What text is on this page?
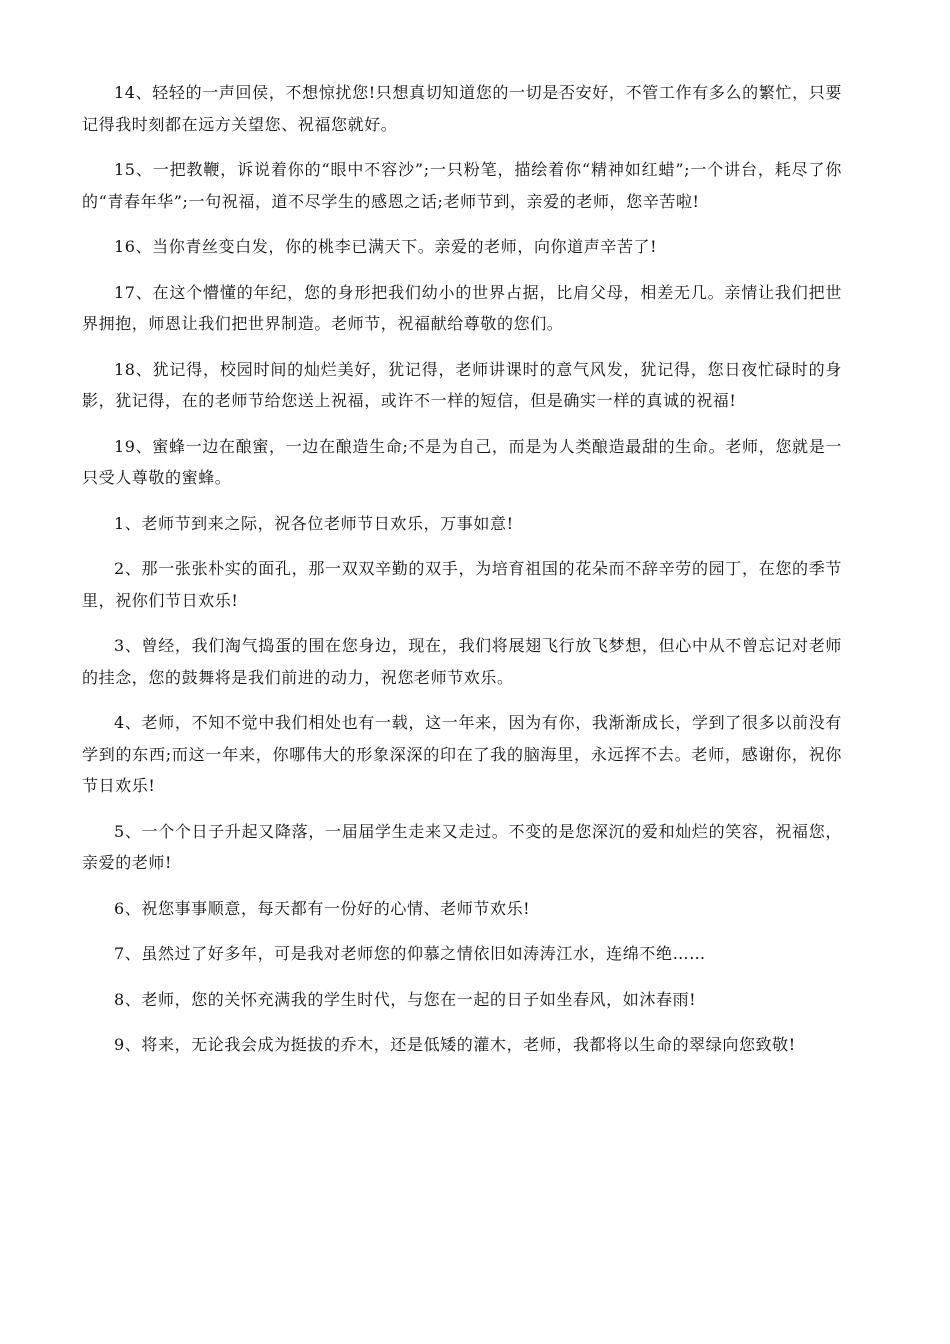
14、轻轻的一声回侯，不想惊扰您!只想真切知道您的一切是否安好，不管工作有多么的繁忙，只要记得我时刻都在远方关望您、祝福您就好。

15、一把教鞭，诉说着你的“眼中不容沙”;一只粉笔，描绘着你“精神如红蜡”;一个讲台，耗尽了你的“青春年华”;一句祝福，道不尽学生的感恩之话;老师节到，亲爱的老师，您辛苦啦!

16、当你青丝变白发，你的桃李已满天下。亲爱的老师，向你道声辛苦了!

17、在这个懵懂的年纪，您的身形把我们幼小的世界占据，比肩父母，相差无几。亲情让我们把世界拥抱，师恩让我们把世界制造。老师节，祝福献给尊敬的您们。

18、犹记得，校园时间的灿烂美好，犹记得，老师讲课时的意气风发，犹记得，您日夜忙碌时的身影，犹记得，在的老师节给您送上祝福，或许不一样的短信，但是确实一样的真诚的祝福!

19、蜜蜂一边在酿蜜，一边在酿造生命;不是为自己，而是为人类酿造最甜的生命。老师，您就是一只受人尊敬的蜜蜂。

1、老师节到来之际，祝各位老师节日欢乐，万事如意!

2、那一张张朴实的面孔，那一双双辛勤的双手，为培育祖国的花朵而不辞辛劳的园丁，在您的季节里，祝你们节日欢乐!

3、曾经，我们淘气捣蛋的围在您身边，现在，我们将展翅飞行放飞梦想，但心中从不曾忘记对老师的挂念，您的鼓舞将是我们前进的动力，祝您老师节欢乐。

4、老师，不知不觉中我们相处也有一载，这一年来，因为有你，我渐渐成长，学到了很多以前没有学到的东西;而这一年来，你哪伟大的形象深深的印在了我的脑海里，永远挥不去。老师，感谢你，祝你节日欢乐!

5、一个个日子升起又降落，一届届学生走来又走过。不变的是您深沉的爱和灿烂的笑容，祝福您，亲爱的老师!

6、祝您事事顺意，每天都有一份好的心情、老师节欢乐!

7、虽然过了好多年，可是我对老师您的仰慕之情依旧如涛涛江水，连绵不绝……

8、老师，您的关怀充满我的学生时代，与您在一起的日子如坐春风，如沐春雨!

9、将来，无论我会成为挺拔的乔木，还是低矮的灌木，老师，我都将以生命的翠绿向您致敬!
